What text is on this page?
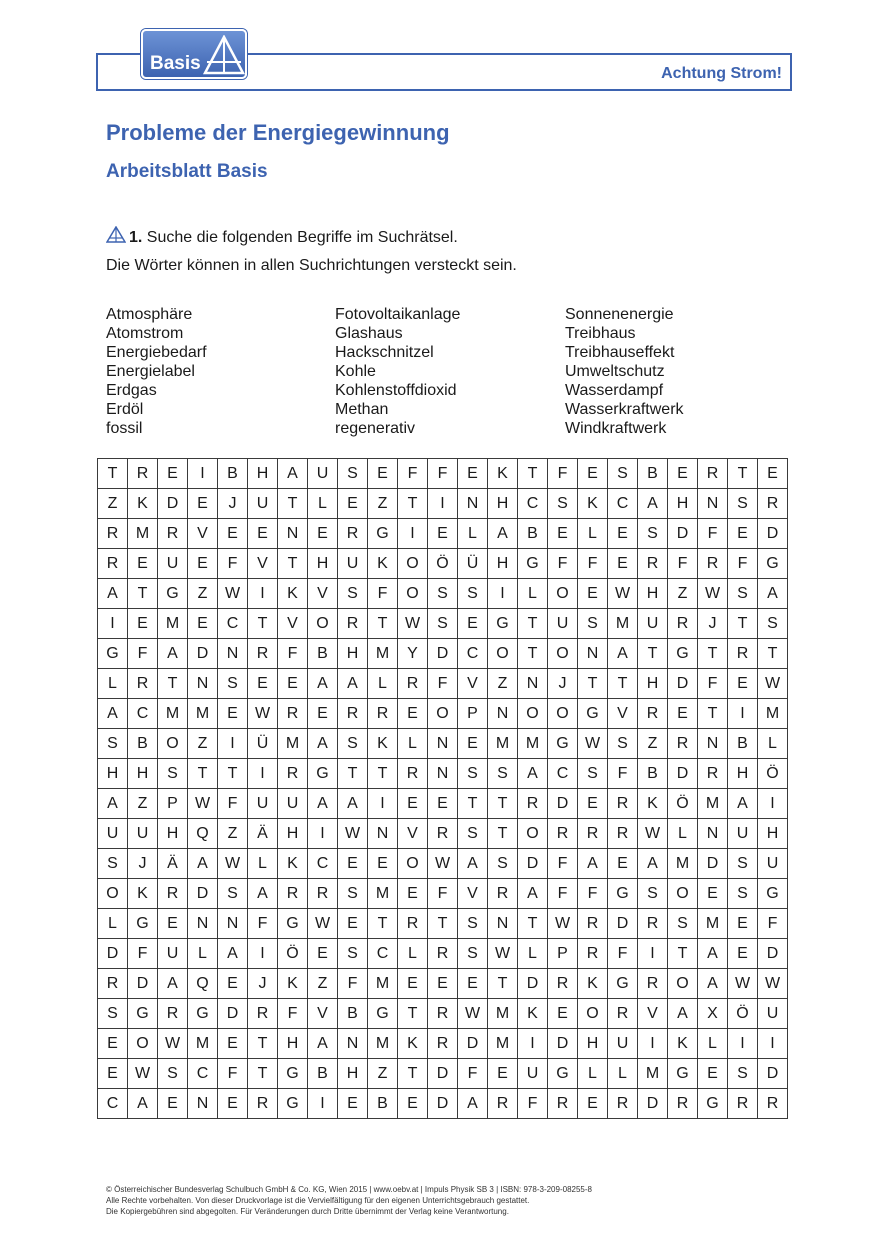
Achtung Strom!
Basis
Probleme der Energiegewinnung
Arbeitsblatt Basis
1. Suche die folgenden Begriffe im Suchrätsel.
Die Wörter können in allen Suchrichtungen versteckt sein.
Atmosphäre
Atomstrom
Energiebedarf
Energielabel
Erdgas
Erdöl
fossil
Fotovoltaikanlage
Glashaus
Hackschnitzel
Kohle
Kohlenstoffdioxid
Methan
regenerativ
Sonnenenergie
Treibhaus
Treibhauseffekt
Umweltschutz
Wasserdampf
Wasserkraftwerk
Windkraftwerk
T	R	E	I	B	H	A	U	S	E	F	F	E	K	T	F	E	S	B	E	R	T	E
Z	K	D	E	J	U	T	L	E	Z	T	I	N	H	C	S	K	C	A	H	N	S	R
R	M	R	V	E	E	N	E	R	G	I	E	L	A	B	E	L	E	S	D	F	E	D
R	E	U	E	F	V	T	H	U	K	O	Ö	Ü	H	G	F	F	E	R	F	R	F	G
A	T	G	Z	W	I	K	V	S	F	O	S	S	I	L	O	E	W	H	Z	W	S	A
I	E	M	E	C	T	V	O	R	T	W	S	E	G	T	U	S	M	U	R	J	T	S
G	F	A	D	N	R	F	B	H	M	Y	D	C	O	T	O	N	A	T	G	T	R	T
L	R	T	N	S	E	E	A	A	L	R	F	V	Z	N	J	T	T	H	D	F	E	W
A	C	M	M	E	W	R	E	R	R	E	O	P	N	O	O	G	V	R	E	T	I	M
S	B	O	Z	I	Ü	M	A	S	K	L	N	E	M	M	G	W	S	Z	R	N	B	L
H	H	S	T	T	I	R	G	T	T	R	N	S	S	A	C	S	F	B	D	R	H	Ö
A	Z	P	W	F	U	U	A	A	I	E	E	T	T	R	D	E	R	K	Ö	M	A	I
U	U	H	Q	Z	Ä	H	I	W	N	V	R	S	T	O	R	R	R	W	L	N	U	H
S	J	Ä	A	W	L	K	C	E	E	O	W	A	S	D	F	A	E	A	M	D	S	U
O	K	R	D	S	A	R	R	S	M	E	F	V	R	A	F	F	G	S	O	E	S	G
L	G	E	N	N	F	G	W	E	T	R	T	S	N	T	W	R	D	R	S	M	E	F
D	F	U	L	A	I	Ö	E	S	C	L	R	S	W	L	P	R	F	I	T	A	E	D
R	D	A	Q	E	J	K	Z	F	M	E	E	E	T	D	R	K	G	R	O	A	W	W
S	G	R	G	D	R	F	V	B	G	T	R	W	M	K	E	O	R	V	A	X	Ö	U
E	O	W	M	E	T	H	A	N	M	K	R	D	M	I	D	H	U	I	K	L	I	I
E	W	S	C	F	T	G	B	H	Z	T	D	F	E	U	G	L	L	M	G	E	S	D
C	A	E	N	E	R	G	I	E	B	E	D	A	R	F	R	E	R	D	R	G	R	R
© Österreichischer Bundesverlag Schulbuch GmbH & Co. KG, Wien 2015 | www.oebv.at | Impuls Physik SB 3 | ISBN: 978-3-209-08255-8
Alle Rechte vorbehalten. Von dieser Druckvorlage ist die Vervielfältigung für den eigenen Unterrichtsgebrauch gestattet.
Die Kopiergebühren sind abgegolten. Für Veränderungen durch Dritte übernimmt der Verlag keine Verantwortung.
